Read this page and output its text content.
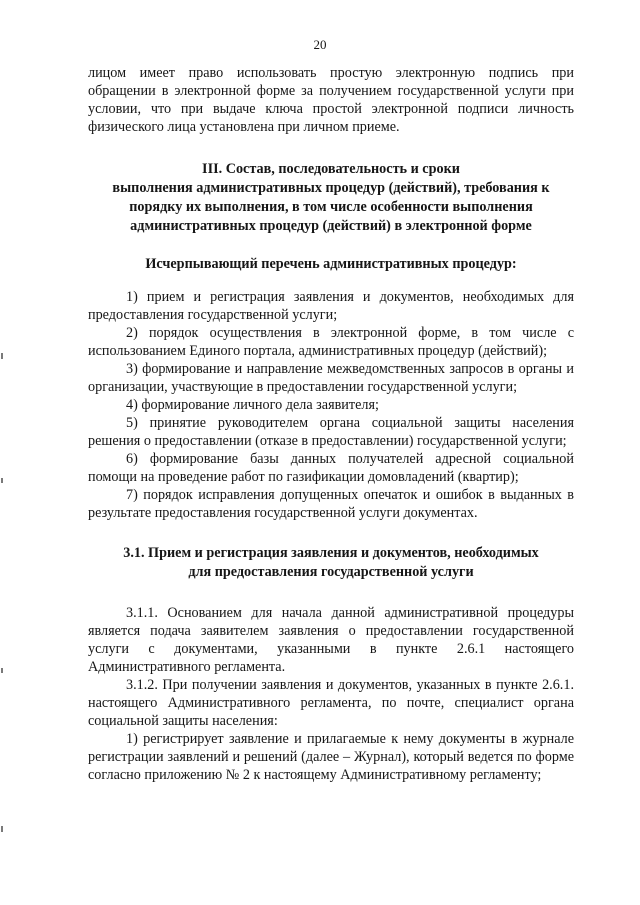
20

лицом имеет право использовать простую электронную подпись при обращении в электронной форме за получением государственной услуги при условии, что при выдаче ключа простой электронной подписи личность физического лица установлена при личном приеме.

III. Состав, последовательность и сроки
выполнения административных процедур (действий), требования к
порядку их выполнения, в том числе особенности выполнения
административных процедур (действий) в электронной форме
Исчерпывающий перечень административных процедур:

1) прием и регистрация заявления и документов, необходимых для предоставления государственной услуги;

2) порядок осуществления в электронной форме, в том числе с использованием Единого портала, административных процедур (действий);

3) формирование и направление межведомственных запросов в органы и организации, участвующие в предоставлении государственной услуги;

4) формирование личного дела заявителя;

5) принятие руководителем органа социальной защиты населения решения о предоставлении (отказе в предоставлении) государственной услуги;

6) формирование базы данных получателей адресной социальной помощи на проведение работ по газификации домовладений (квартир);

7) порядок исправления допущенных опечаток и ошибок в выданных в результате предоставления государственной услуги документах.

3.1. Прием и регистрация заявления и документов, необходимых
для предоставления государственной услуги

3.1.1. Основанием для начала данной административной процедуры является подача заявителем заявления о предоставлении государственной услуги с документами, указанными в пункте 2.6.1 настоящего Административного регламента.

3.1.2. При получении заявления и документов, указанных в пункте 2.6.1. настоящего Административного регламента, по почте, специалист органа социальной защиты населения:

1) регистрирует заявление и прилагаемые к нему документы в журнале регистрации заявлений и решений (далее – Журнал), который ведется по форме согласно приложению № 2 к настоящему Административному регламенту;
